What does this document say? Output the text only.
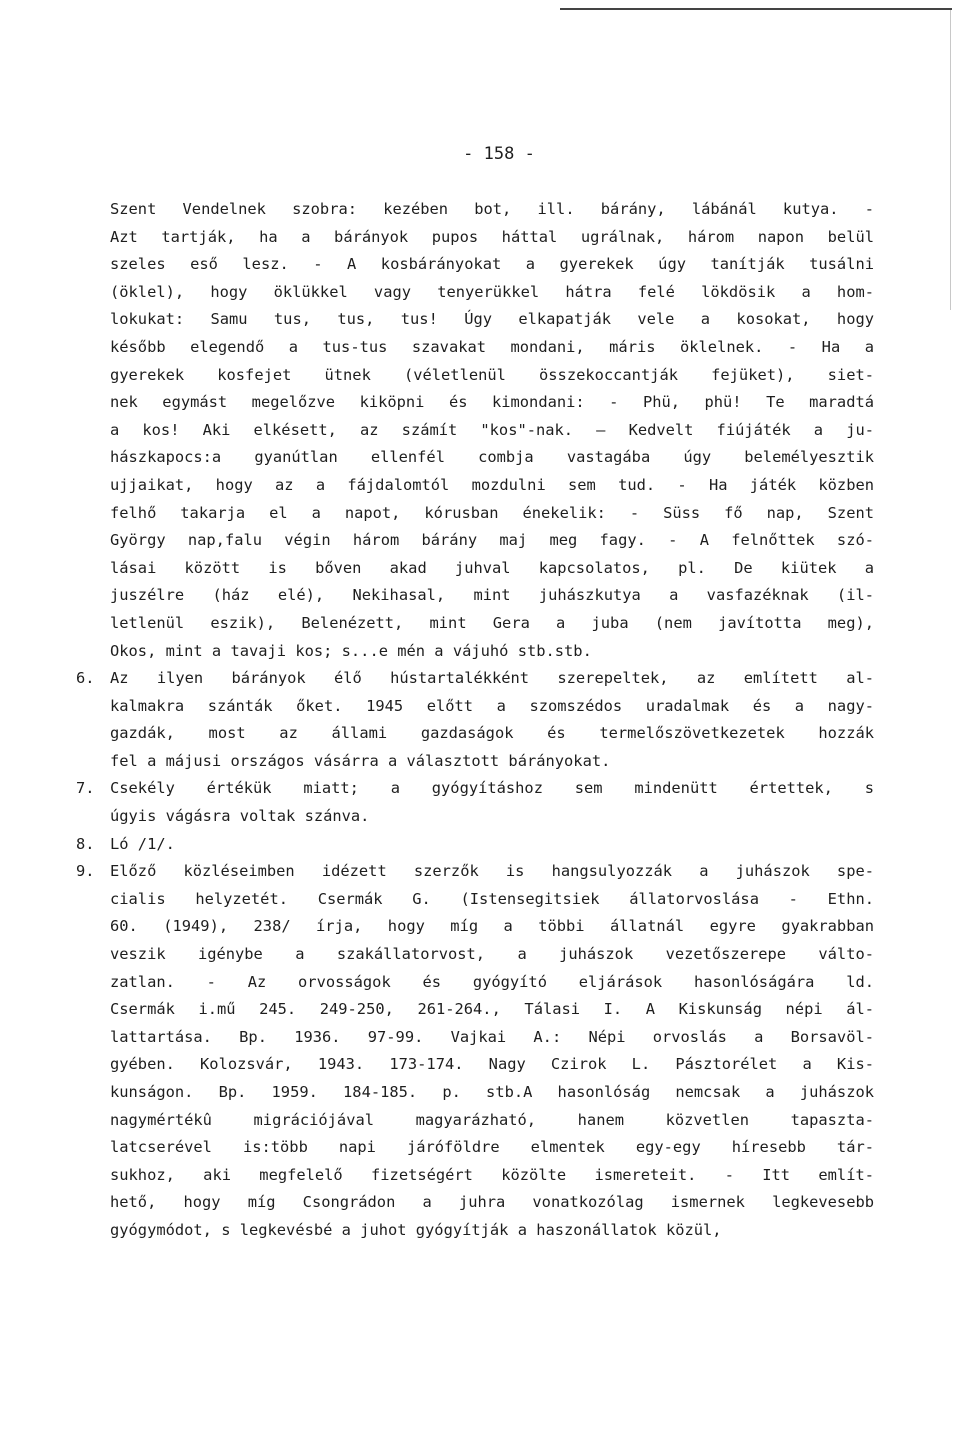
- 158 -
Szent Vendelnek szobra: kezében bot, ill. bárány, lábánál kutya. -
Azt tartják, ha a bárányok pupos háttal ugrálnak, három napon belül
szeles eső lesz. - A kosbárányokat a gyerekek úgy tanítják tusálni
(öklel), hogy öklükkel vagy tenyerükkel hátra felé lökdösik a hom-
lokukat: Samu tus, tus, tus! Úgy elkapatják vele a kosokat, hogy
később elegendő a tus-tus szavakat mondani, máris öklelnek. - Ha a
gyerekek kosfejet ütnek (véletlenül összekoccantják fejüket), siet-
nek egymást megelőzve kiköpni és kimondani: - Phü, phü! Te maradtá
a kos! Aki elkésett, az számít "kos"-nak. — Kedvelt fiújáték a ju-
hászkapocs:a gyanútlan ellenfél combja vastagába úgy belemélyesztik
ujjaikat, hogy az a fájdalomtól mozdulni sem tud. - Ha játék közben
felhő takarja el a napot, kórusban énekelik: - Süss fő nap, Szent
György nap,falu végin három bárány maj meg fagy. - A felnőttek szó-
lásai között is bőven akad juhval kapcsolatos, pl. De kiütek a
juszélre (ház elé), Nekihasal, mint juhászkutya a vasfazéknak (il-
letlenül eszik), Belenézett, mint Gera a juba (nem javította meg),
Okos, mint a tavaji kos; s...e mén a vájuhó stb.stb.
6.	Az ilyen bárányok élő hústartalékként szerepeltek, az említett al-
kalmakra szánták őket. 1945 előtt a szomszédos uradalmak és a nagy-
gazdák, most az állami gazdaságok és termelőszövetkezetek hozzák
fel a májusi országos vásárra a választott bárányokat.
7.	Csekély értékük miatt; a gyógyításhoz sem mindenütt értettek, s
úgyis vágásra voltak szánva.
8.	Ló /1/.
9.	Előző közléseimben idézett szerzők is hangsulyozzák a juhászok spe-
cialis helyzetét. Csermák G. (Istensegitsiek állatorvoslása - Ethn.
60. (1949), 238/ írja, hogy míg a többi állatnál egyre gyakrabban
veszik igénybe a szakállatorvost, a juhászok vezetőszerepe válto-
zatlan. - Az orvosságok és gyógyító eljárások hasonlóságára ld.
Csermák i.mű 245. 249-250, 261-264., Tálasi I. A Kiskunság népi ál-
lattartása. Bp. 1936. 97-99. Vajkai A.: Népi orvoslás a Borsavöl-
gyében. Kolozsvár, 1943. 173-174. Nagy Czirok L. Pásztorélet a Kis-
kunságon. Bp. 1959. 184-185. p. stb.A hasonlóság nemcsak a juhászok
nagymértékû migrációjával magyarázható, hanem közvetlen tapaszta-
latcserével is:több napi járóföldre elmentek egy-egy híresebb tár-
sukhoz, aki megfelelő fizetségért közölte ismereteit. - Itt említ-
hető, hogy míg Csongrádon a juhra vonatkozólag ismernek legkevesebb
gyógymódot, s legkevésbé a juhot gyógyítják a haszonállatok közül,
